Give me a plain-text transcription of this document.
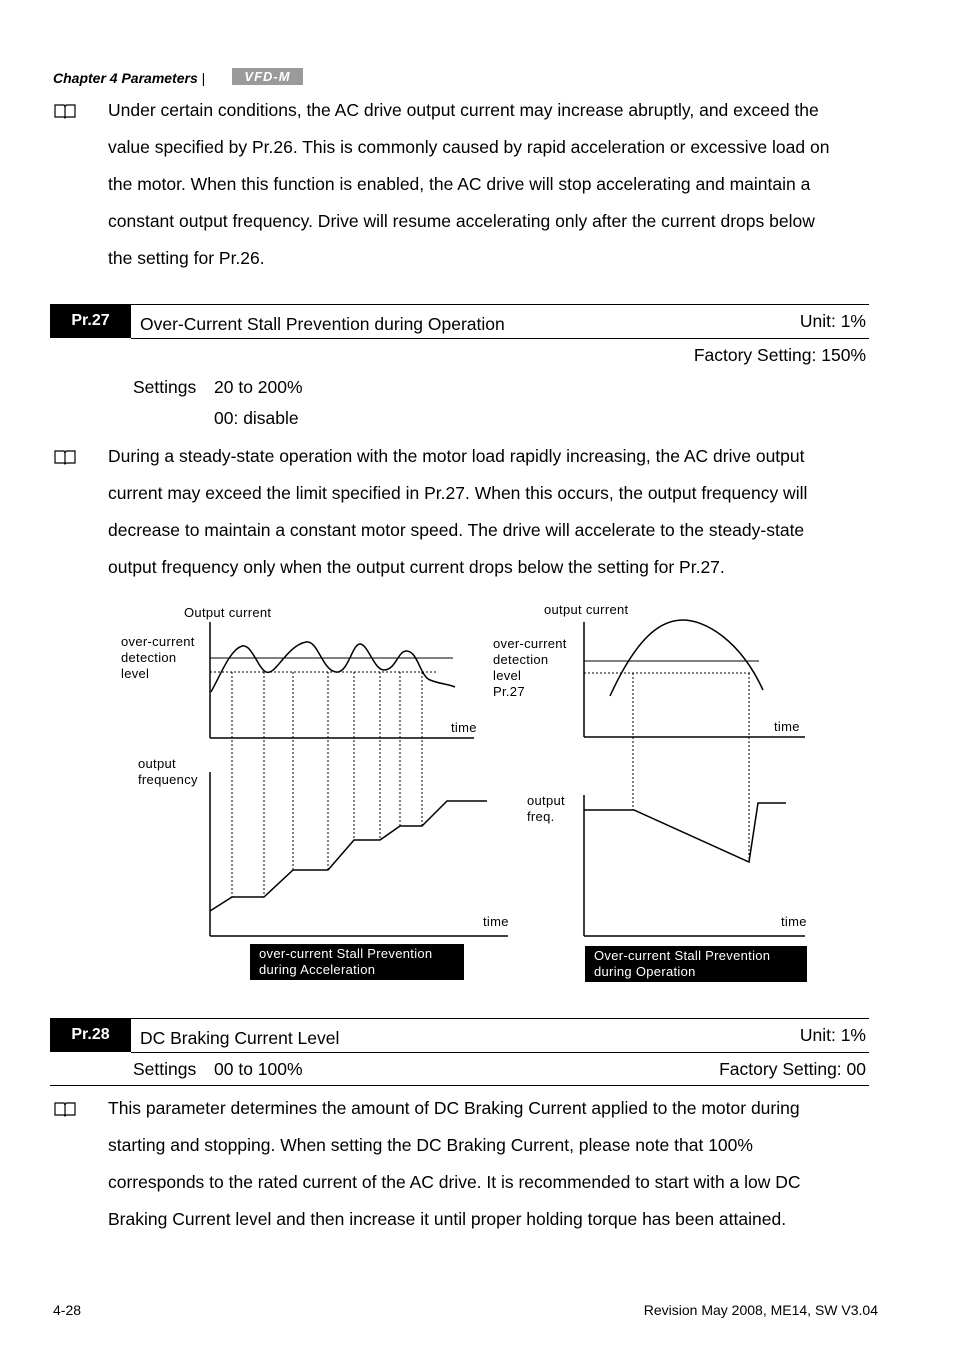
Chapter 4 Parameters |	VFD-M

Under certain conditions, the AC drive output current may increase abruptly, and exceed the

value specified by Pr.26. This is commonly caused by rapid acceleration or excessive load on

the motor. When this function is enabled, the AC drive will stop accelerating and maintain a

constant output frequency. Drive will resume accelerating only after the current drops below

the setting for Pr.26.

Pr.27	Over-Current Stall Prevention during Operation	Unit: 1%
Factory Setting: 150%
Settings 20 to 200%
00: disable

During a steady-state operation with the motor load rapidly increasing, the AC drive output

current may exceed the limit specified in Pr.27. When this occurs, the output frequency will

decrease to maintain a constant motor speed. The drive will accelerate to the steady-state

output frequency only when the output current drops below the setting for Pr.27.

Output current
over-current
detection
level
time
output
frequency
time
over-current Stall Prevention
during Acceleration
output current
over-current
detection
level
Pr.27
time
output
freq.
time
Over-current Stall Prevention
during Operation
Pr.28	DC Braking Current Level	Unit: 1%
Settings 00 to 100%	Factory Setting: 00

This parameter determines the amount of DC Braking Current applied to the motor during

starting and stopping. When setting the DC Braking Current, please note that 100%

corresponds to the rated current of the AC drive. It is recommended to start with a low DC

Braking Current level and then increase it until proper holding torque has been attained.

4-28	Revision May 2008, ME14, SW V3.04
